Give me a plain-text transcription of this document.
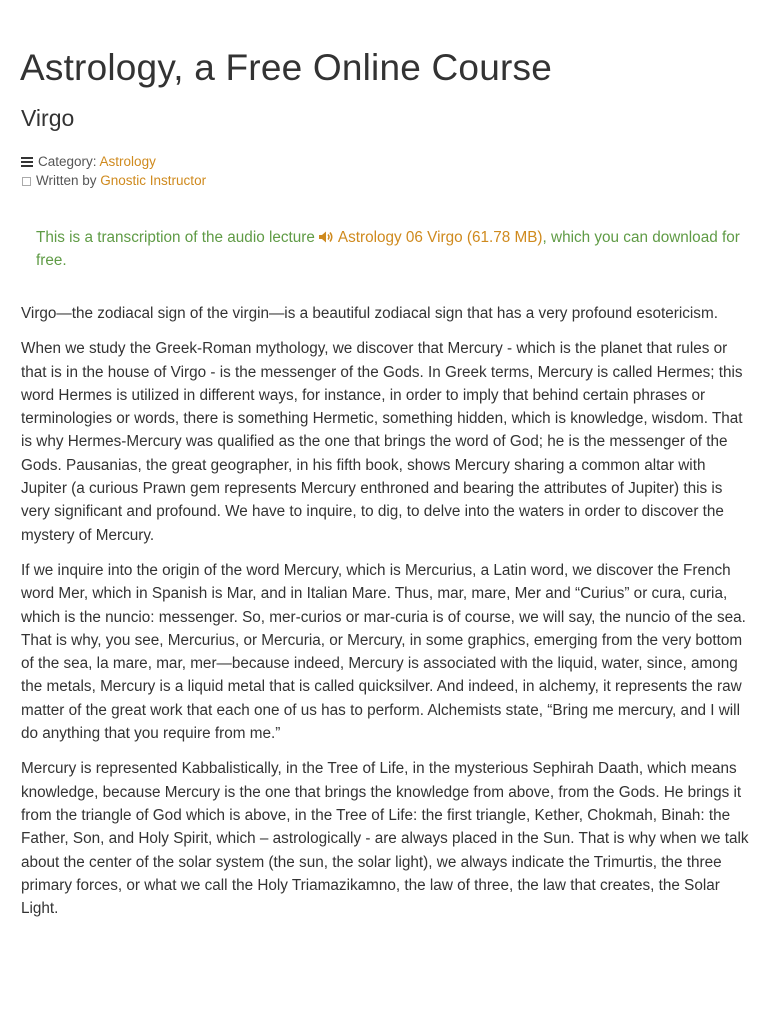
Astrology, a Free Online Course
Virgo
Category: Astrology
Written by Gnostic Instructor

This is a transcription of the audio lecture Astrology 06 Virgo (61.78 MB), which you can download for free.

Virgo—the zodiacal sign of the virgin—is a beautiful zodiacal sign that has a very profound esotericism.

When we study the Greek-Roman mythology, we discover that Mercury - which is the planet that rules or that is in the house of Virgo - is the messenger of the Gods. In Greek terms, Mercury is called Hermes; this word Hermes is utilized in different ways, for instance, in order to imply that behind certain phrases or terminologies or words, there is something Hermetic, something hidden, which is knowledge, wisdom. That is why Hermes-Mercury was qualified as the one that brings the word of God; he is the messenger of the Gods. Pausanias, the great geographer, in his fifth book, shows Mercury sharing a common altar with Jupiter (a curious Prawn gem represents Mercury enthroned and bearing the attributes of Jupiter) this is very significant and profound. We have to inquire, to dig, to delve into the waters in order to discover the mystery of Mercury.

If we inquire into the origin of the word Mercury, which is Mercurius, a Latin word, we discover the French word Mer, which in Spanish is Mar, and in Italian Mare. Thus, mar, mare, Mer and “Curius” or cura, curia, which is the nuncio: messenger. So, mer-curios or mar-curia is of course, we will say, the nuncio of the sea. That is why, you see, Mercurius, or Mercuria, or Mercury, in some graphics, emerging from the very bottom of the sea, la mare, mar, mer—because indeed, Mercury is associated with the liquid, water, since, among the metals, Mercury is a liquid metal that is called quicksilver. And indeed, in alchemy, it represents the raw matter of the great work that each one of us has to perform. Alchemists state, “Bring me mercury, and I will do anything that you require from me.”

Mercury is represented Kabbalistically, in the Tree of Life, in the mysterious Sephirah Daath, which means knowledge, because Mercury is the one that brings the knowledge from above, from the Gods. He brings it from the triangle of God which is above, in the Tree of Life: the first triangle, Kether, Chokmah, Binah: the Father, Son, and Holy Spirit, which – astrologically - are always placed in the Sun. That is why when we talk about the center of the solar system (the sun, the solar light), we always indicate the Trimurtis, the three primary forces, or what we call the Holy Triamazikamno, the law of three, the law that creates, the Solar Light.
